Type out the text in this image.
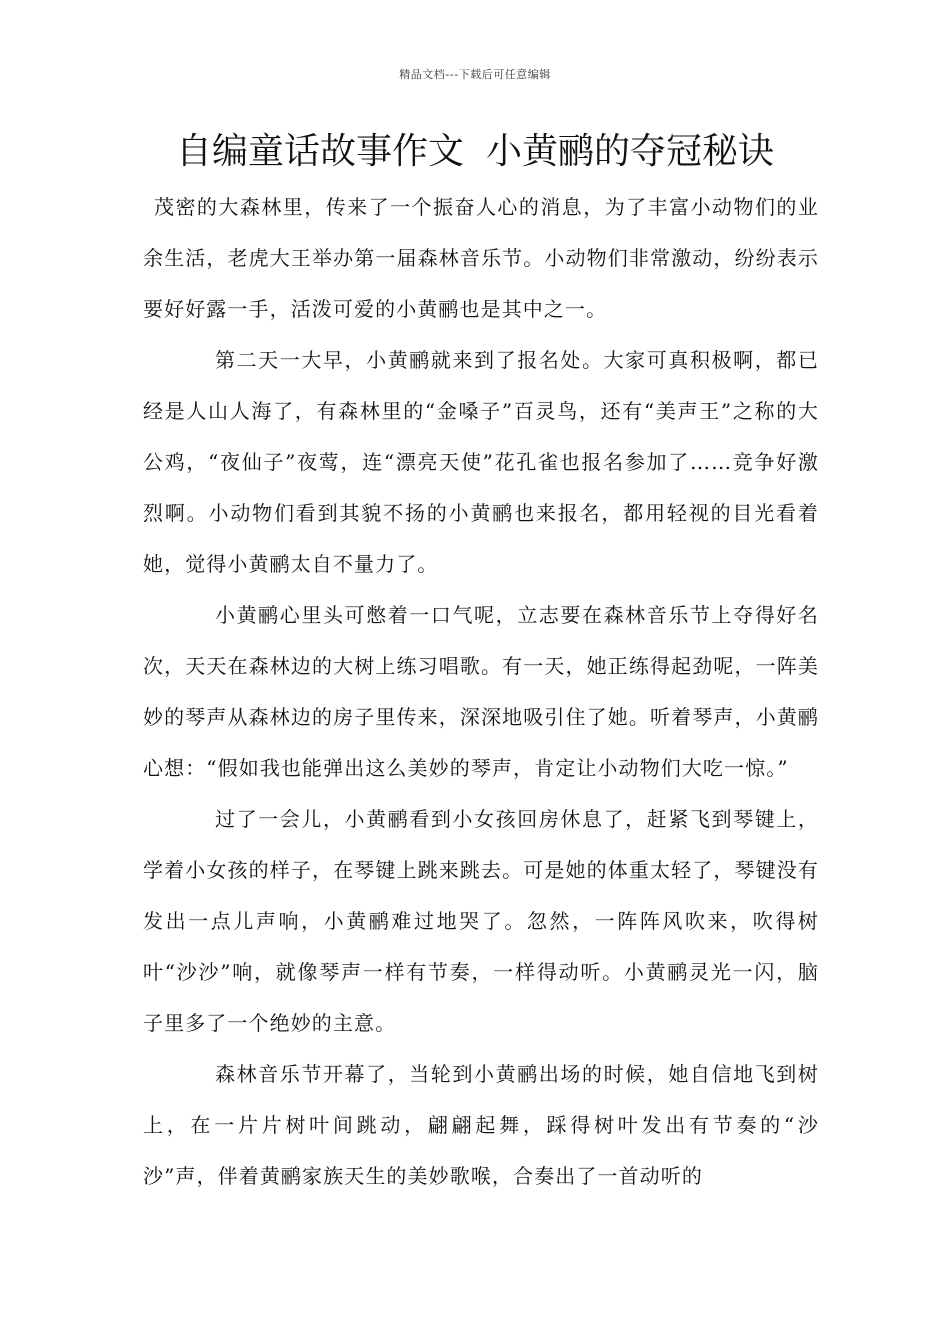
精品文档---下载后可任意编辑
自编童话故事作文 小黄鹂的夺冠秘诀

茂密的大森林里，传来了一个振奋人心的消息，为了丰富小动物们的业余生活，老虎大王举办第一届森林音乐节。小动物们非常激动，纷纷表示要好好露一手，活泼可爱的小黄鹂也是其中之一。

第二天一大早，小黄鹂就来到了报名处。大家可真积极啊，都已经是人山人海了，有森林里的“金嗓子”百灵鸟，还有“美声王”之称的大公鸡，“夜仙子”夜莺，连“漂亮天使”花孔雀也报名参加了……竞争好激烈啊。小动物们看到其貌不扬的小黄鹂也来报名，都用轻视的目光看着她，觉得小黄鹂太自不量力了。

小黄鹂心里头可憋着一口气呢，立志要在森林音乐节上夺得好名次，天天在森林边的大树上练习唱歌。有一天，她正练得起劲呢，一阵美妙的琴声从森林边的房子里传来，深深地吸引住了她。听着琴声，小黄鹂心想：“假如我也能弹出这么美妙的琴声，肯定让小动物们大吃一惊。”

过了一会儿，小黄鹂看到小女孩回房休息了，赶紧飞到琴键上，学着小女孩的样子，在琴键上跳来跳去。可是她的体重太轻了，琴键没有发出一点儿声响，小黄鹂难过地哭了。忽然，一阵阵风吹来，吹得树叶“沙沙”响，就像琴声一样有节奏，一样得动听。小黄鹂灵光一闪，脑子里多了一个绝妙的主意。

森林音乐节开幕了，当轮到小黄鹂出场的时候，她自信地飞到树上，在一片片树叶间跳动，翩翩起舞，踩得树叶发出有节奏的“沙沙”声，伴着黄鹂家族天生的美妙歌喉，合奏出了一首动听的
